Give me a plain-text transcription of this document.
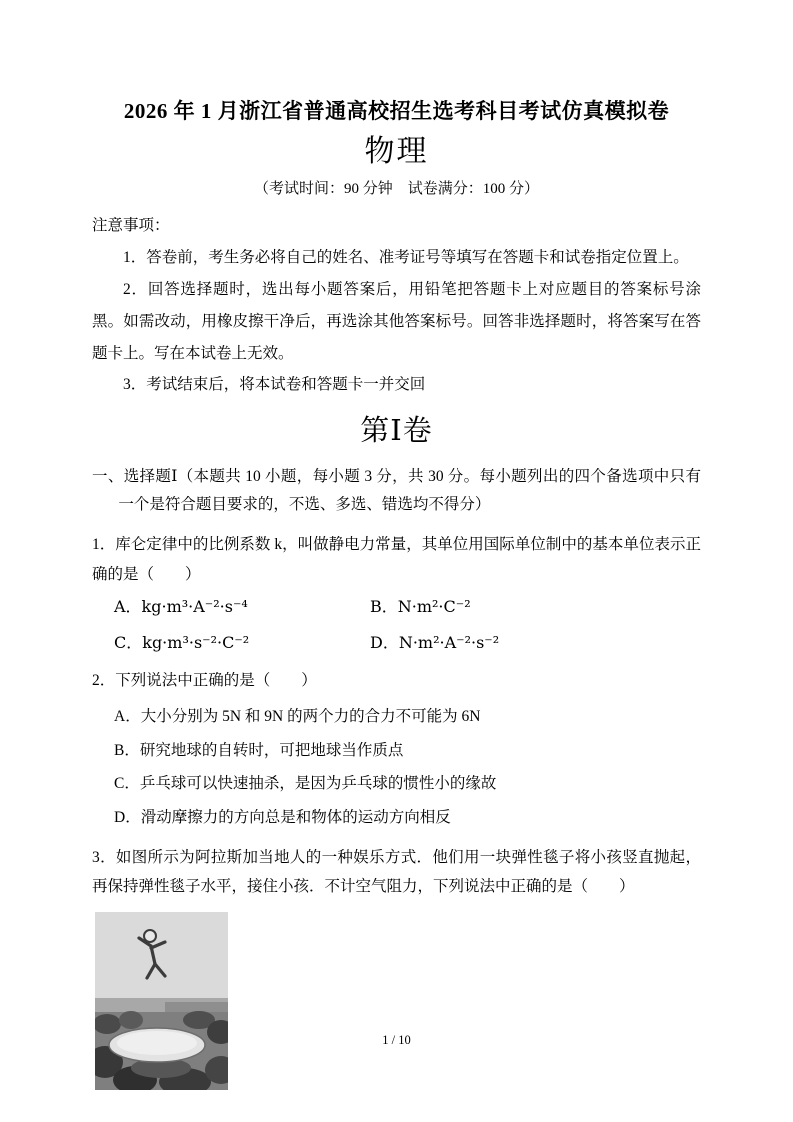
2026 年 1 月浙江省普通高校招生选考科目考试仿真模拟卷
物理

（考试时间：90 分钟　试卷满分：100 分）

注意事项：

1．答卷前，考生务必将自己的姓名、准考证号等填写在答题卡和试卷指定位置上。

2．回答选择题时，选出每小题答案后，用铅笔把答题卡上对应题目的答案标号涂黑。如需改动，用橡皮擦干净后，再选涂其他答案标号。回答非选择题时，将答案写在答题卡上。写在本试卷上无效。

3．考试结束后，将本试卷和答题卡一并交回

第Ⅰ卷

一、选择题Ⅰ（本题共 10 小题，每小题 3 分，共 30 分。每小题列出的四个备选项中只有一个是符合题目要求的，不选、多选、错选均不得分）

1．库仑定律中的比例系数 k，叫做静电力常量，其单位用国际单位制中的基本单位表示正确的是（　　）

A．kg·m³·A⁻²·s⁻⁴	B．N·m²·C⁻²
C．kg·m³·s⁻²·C⁻²	D．N·m²·A⁻²·s⁻²

2．下列说法中正确的是（　　）

A．大小分别为 5N 和 9N 的两个力的合力不可能为 6N
B．研究地球的自转时，可把地球当作质点
C．乒乓球可以快速抽杀，是因为乒乓球的惯性小的缘故
D．滑动摩擦力的方向总是和物体的运动方向相反

3．如图所示为阿拉斯加当地人的一种娱乐方式．他们用一块弹性毯子将小孩竖直抛起，再保持弹性毯子水平，接住小孩．不计空气阻力，下列说法中正确的是（　　）

1 / 10
